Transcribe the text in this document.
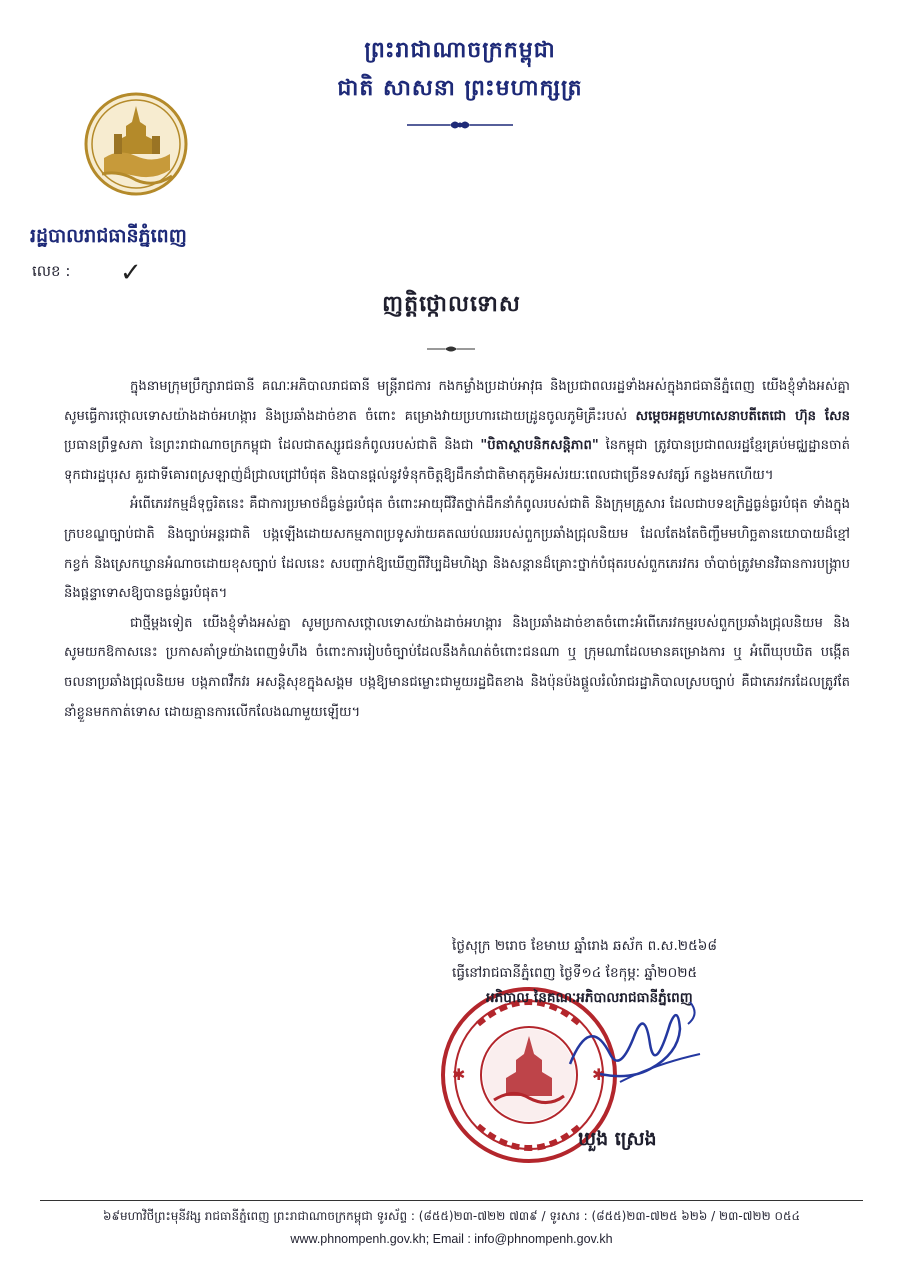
ព្រះរាជាណាចក្រកម្ពុជា
ជាតិ សាសនា ព្រះមហាក្សត្រ
រដ្ឋបាលរាជធានីភ្នំពេញ
លេខ : ✓
ញត្តិថ្កោលទោស

ក្នុងនាមក្រុមប្រឹក្សារាជធានី គណៈអភិបាលរាជធានី មន្ត្រីរាជការ កងកម្លាំងប្រដាប់អាវុធ និងប្រជាពលរដ្ឋទាំងអស់ក្នុងរាជធានីភ្នំពេញ យើងខ្ញុំទាំងអស់គ្នាសូមធ្វើការថ្កោលទោសយ៉ាងដាច់អហង្ការ និងប្រឆាំងដាច់ខាត ចំពោះ គម្រោងវាយប្រហារដោយដ្រូនចូលភូមិគ្រឹះរបស់ សម្តេចអគ្គមហាសេនាបតីតេជោ ហ៊ុន សែន ប្រធានព្រឹទ្ធសភា នៃព្រះរាជាណាចក្រកម្ពុជា ដែលជាតស្សូរជនកំពូលរបស់ជាតិ និងជា "បិតាស្ថាបនិកសន្តិភាព" នៃកម្ពុជា ត្រូវបានប្រជាពលរដ្ឋខ្មែរគ្រប់មជ្ឈដ្ឋានចាត់ទុកជារដ្ឋបុរស គួរជាទីគោរពស្រឡាញ់ដ៏ជ្រាលជ្រៅបំផុត និងបានផ្តល់នូវទំនុកចិត្តឱ្យដឹកនាំជាតិមាតុភូមិអស់រយៈពេលជាច្រើនទសវត្សរ៍ កន្លងមកហើយ។

អំពើភេរវកម្មដ៏ទុច្ចរិតនេះ គឺជាការប្រមាថដ៏ធ្ងន់ធ្ងរបំផុត ចំពោះអាយុជីវិតថ្នាក់ដឹកនាំកំពូលរបស់ជាតិ និងក្រុមគ្រួសារ ដែលជាបទឧក្រិដ្ឋធ្ងន់ធ្ងរបំផុត ទាំងក្នុងក្របខណ្ឌច្បាប់ជាតិ និងច្បាប់អន្តរជាតិ បង្កឡើងដោយសកម្មភាពប្រទូសរ៉ាយគតឈប់ឈររបស់ពួកប្រឆាំងជ្រុលនិយម ដែលតែងតែចិញ្ចឹមមហិច្ឆតានយោបាយដ៏ខ្មៅកខ្វក់ និងស្រេកឃ្លានអំណាចដោយខុសច្បាប់ ដែលនេះ សបញ្ជាក់ឱ្យឃើញពីវិប្បដិមហិង្សា និងសន្តានដ៏គ្រោះថ្នាក់បំផុតរបស់ពួកភេរវករ ចាំបាច់ត្រូវមានវិធានការបង្ក្រាប និងផ្តន្ទាទោសឱ្យបានធ្ងន់ធ្ងរបំផុត។

ជាថ្មីម្តងទៀត យើងខ្ញុំទាំងអស់គ្នា សូមប្រកាសថ្កោលទោសយ៉ាងដាច់អហង្ការ និងប្រឆាំងដាច់ខាតចំពោះអំពើភេរវកម្មរបស់ពួកប្រឆាំងជ្រុលនិយម និងសូមយកឱកាសនេះ ប្រកាសគាំទ្រយ៉ាងពេញទំហឹង ចំពោះការរៀបចំច្បាប់ដែលនឹងកំណត់ចំពោះជនណា ឬ ក្រុមណាដែលមានគម្រោងការ ឬ អំពើឃុបឃិត បង្កើតចលនាប្រឆាំងជ្រុលនិយម បង្កភាពវឹកវរ អសន្តិសុខក្នុងសង្គម បង្កឱ្យមានជម្លោះជាមួយរដ្ឋជិតខាង និងប៉ុនប៉ងផ្តួលរំលំរាជរដ្ឋាភិបាលស្របច្បាប់ គឺជាភេរវករដែលត្រូវតែនាំខ្លួនមកកាត់ទោស ដោយគ្មានការលើកលែងណាមួយឡើយ។

ថ្ងៃសុក្រ ២រោច ខែមាឃ ឆ្នាំរោង ឆស័ក ព.ស.២៥៦៨
ធ្វើនៅរាជធានីភ្នំពេញ ថ្ងៃទី១៤ ខែកុម្ភៈ ឆ្នាំ២០២៥
✱	✱
អភិបាល នៃគណៈអភិបាលរាជធានីភ្នំពេញ
ឃួង ស្រេង
៦៩មហាវិថីព្រះមុនីវង្ស រាជធានីភ្នំពេញ ព្រះរាជាណាចក្រកម្ពុជា ទូរស័ព្ទ : (៨៥៥)២៣-៧២២ ៧៣៩ / ទូរសារ : (៨៥៥)២៣-៧២៥ ៦២៦ / ២៣-៧២២ ០៥៤
www.phnompenh.gov.kh; Email : info@phnompenh.gov.kh
